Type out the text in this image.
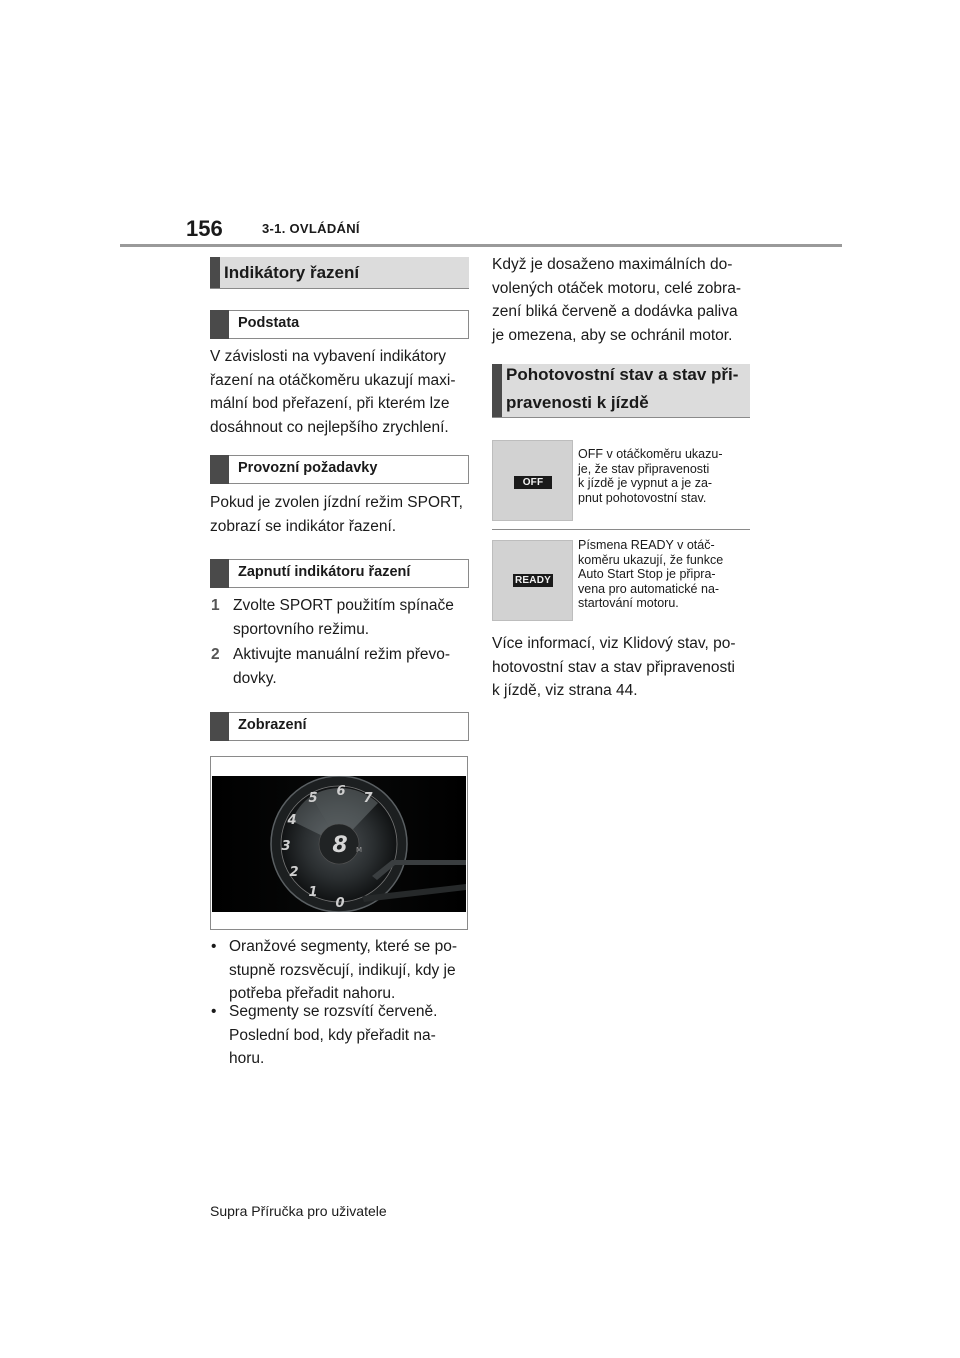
156	3-1. OVLÁDÁNÍ
Indikátory řazení
Podstata
V závislosti na vybavení indikátory
řazení na otáčkoměru ukazují maxi-
mální bod přeřazení, při kterém lze
dosáhnout co nejlepšího zrychlení.
Provozní požadavky
Pokud je zvolen jízdní režim SPORT,
zobrazí se indikátor řazení.
Zapnutí indikátoru řazení
1 Zvolte SPORT použitím spínače
sportovního režimu.
2 Aktivujte manuální režim převo-
dovky.
Zobrazení
8 M
0
1
2
3
4
5 6 7
• Oranžové segmenty, které se po-
stupně rozsvěcují, indikují, kdy je
potřeba přeřadit nahoru.
• Segmenty se rozsvítí červeně.
Poslední bod, kdy přeřadit na-
horu.
Když je dosaženo maximálních do-
volených otáček motoru, celé zobra-
zení bliká červeně a dodávka paliva
je omezena, aby se ochránil motor.
Pohotovostní stav a stav při-
pravenosti k jízdě
OFF
OFF v otáčkoměru ukazu-
je, že stav připravenosti
k jízdě je vypnut a je za-
pnut pohotovostní stav.
READY
Písmena READY v otáč-
koměru ukazují, že funkce
Auto Start Stop je připra-
vena pro automatické na-
startování motoru.
Více informací, viz Klidový stav, po-
hotovostní stav a stav připravenosti
k jízdě, viz strana 44.
Supra Příručka pro uživatele
